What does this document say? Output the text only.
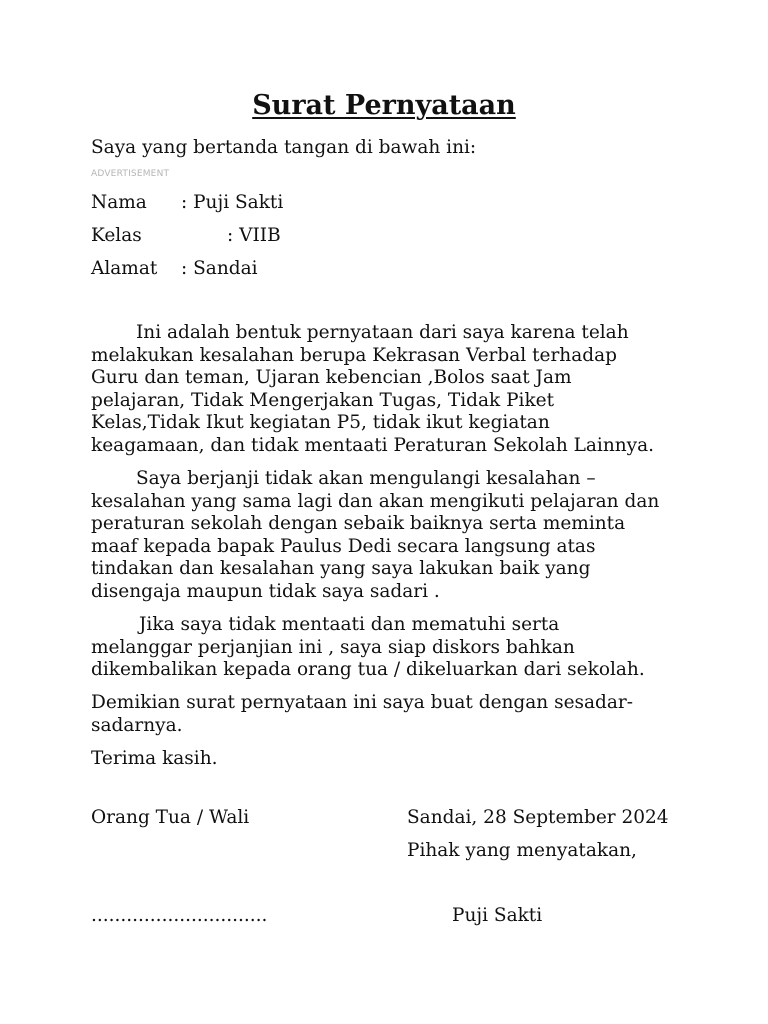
Surat Pernyataan
Saya yang bertanda tangan di bawah ini:
ADVERTISEMENT
Nama : Puji Sakti
Kelas	: VIIB
Alamat : Sandai
Ini adalah bentuk pernyataan dari saya karena telah
melakukan kesalahan berupa Kekrasan Verbal terhadap
Guru dan teman, Ujaran kebencian ,Bolos saat Jam
pelajaran, Tidak Mengerjakan Tugas, Tidak Piket
Kelas,Tidak Ikut kegiatan P5, tidak ikut kegiatan
keagamaan, dan tidak mentaati Peraturan Sekolah Lainnya.
Saya berjanji tidak akan mengulangi kesalahan –
kesalahan yang sama lagi dan akan mengikuti pelajaran dan
peraturan sekolah dengan sebaik baiknya serta meminta
maaf kepada bapak Paulus Dedi secara langsung atas
tindakan dan kesalahan yang saya lakukan baik yang
disengaja maupun tidak saya sadari .
Jika saya tidak mentaati dan mematuhi serta
melanggar perjanjian ini , saya siap diskors bahkan
dikembalikan kepada orang tua / dikeluarkan dari sekolah.
Demikian surat pernyataan ini saya buat dengan sesadar-
sadarnya.
Terima kasih.
Orang Tua / Wali	Sandai, 28 September 2024
Pihak yang menyatakan,
..............................	Puji Sakti
